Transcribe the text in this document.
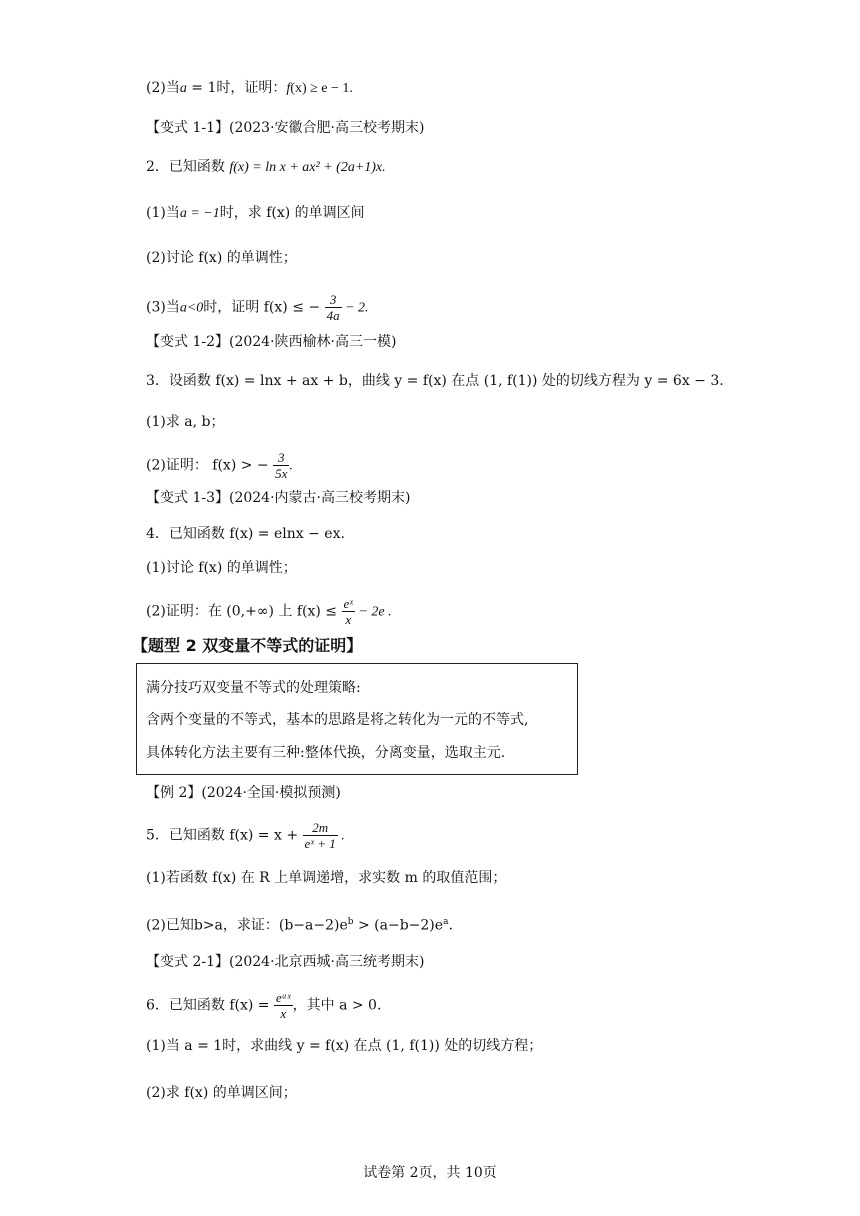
(2)当a = 1时，证明：f(x) ≥ e − 1.
【变式 1-1】(2023·安徽合肥·高三校考期末)
2．已知函数 f(x) = ln x + ax² + (2a+1)x.
(1)当a = −1时，求 f(x) 的单调区间
(2)讨论 f(x) 的单调性；
(3)当a<0时，证明 f(x) ≤ − $\frac{3}{4a} - 2$.
【变式 1-2】(2024·陕西榆林·高三一模)
3．设函数 f(x) = lnx + ax + b，曲线 y = f(x) 在点 (1, f(1)) 处的切线方程为 y = 6x − 3.
(1)求 a, b；
(2)证明： f(x) > − $\frac{3}{5x}$ .
【变式 1-3】(2024·内蒙古·高三校考期末)
4．已知函数 f(x) = elnx − ex.
(1)讨论 f(x) 的单调性；
(2)证明：在 (0,+∞) 上 $f(x) \le \frac{\text{eˣ}}{x} - 2e$ .
【题型 2 双变量不等式的证明】
满分技巧双变量不等式的处理策略:
含两个变量的不等式，基本的思路是将之转化为一元的不等式,
具体转化方法主要有三种:整体代换，分离变量，选取主元.
【例 2】(2024·全国·模拟预测)
5．已知函数 $f(x) = x + \frac{2m}{\text{eˣ + 1}}$ .
(1)若函数 f(x) 在 R 上单调递增，求实数 m 的取值范围；
(2)已知b>a，求证：$(b-a-2)e^b > (a-b-2)e^a$.
【变式 2-1】(2024·北京西城·高三统考期末)
6．已知函数 $f(x) = \frac{\text{eᵃˣ}}{x}$ ，其中 a > 0.
(1)当 a = 1时，求曲线 y = f(x) 在点 (1, f(1)) 处的切线方程；
(2)求 f(x) 的单调区间；
试卷第 2页，共 10页
